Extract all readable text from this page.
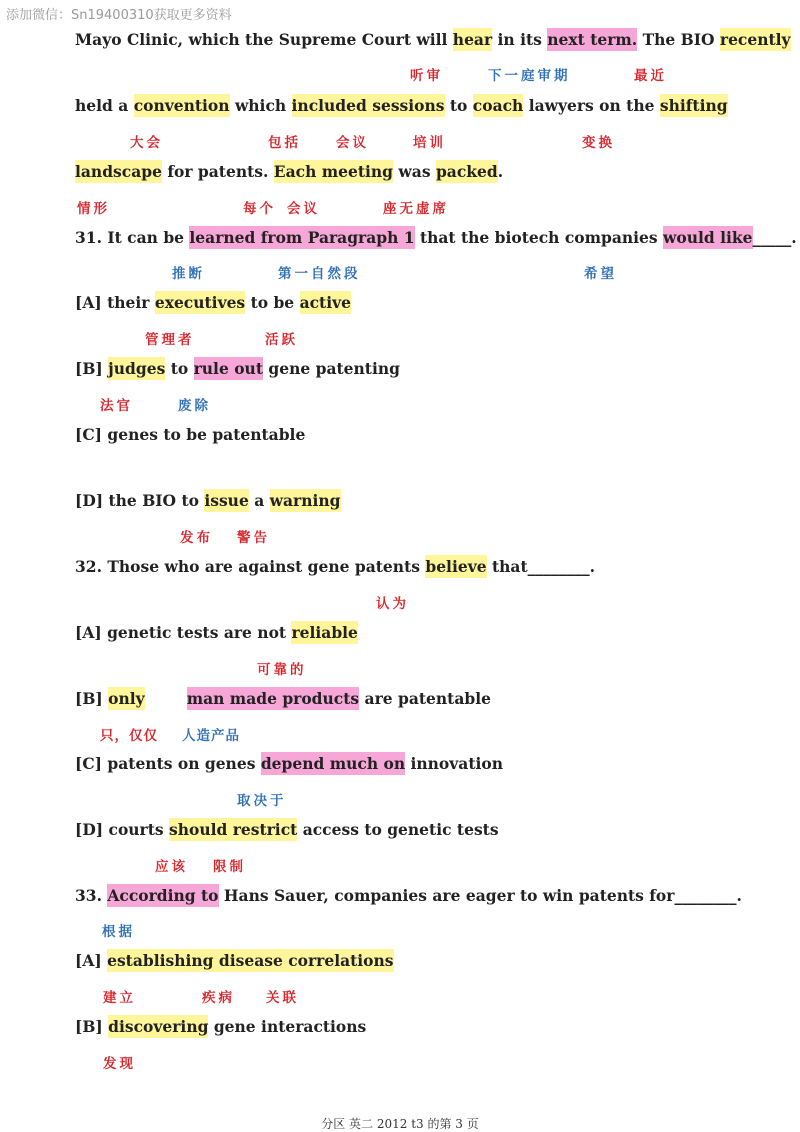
添加微信：Sn19400310获取更多资料
Mayo Clinic, which the Supreme Court will hear in its next term. The BIO recently
听审	下一庭审期	最近
held a convention which included sessions to coach lawyers on the shifting
大会	包括	会议	培训	变换
landscape for patents. Each meeting was packed.
情形	每个 会议	座无虚席
31. It can be learned from Paragraph 1 that the biotech companies would like_____.
推断	第一自然段	希望
[A] their executives to be active
管理者	活跃
[B] judges to rule out gene patenting
法官	废除
[C] genes to be patentable
[D] the BIO to issue a warning
发布 警告
32. Those who are against gene patents believe that________.
认为
[A] genetic tests are not reliable
可靠的
[B] only	man made products are patentable
只，仅仅 人造产品
[C] patents on genes depend much on innovation
取决于
[D] courts should restrict access to genetic tests
应该 限制
33. According to Hans Sauer, companies are eager to win patents for________.
根据
[A] establishing disease correlations
建立	疾病 关联
[B] discovering gene interactions
发现
分区 英二 2012 t3 的第 3 页
